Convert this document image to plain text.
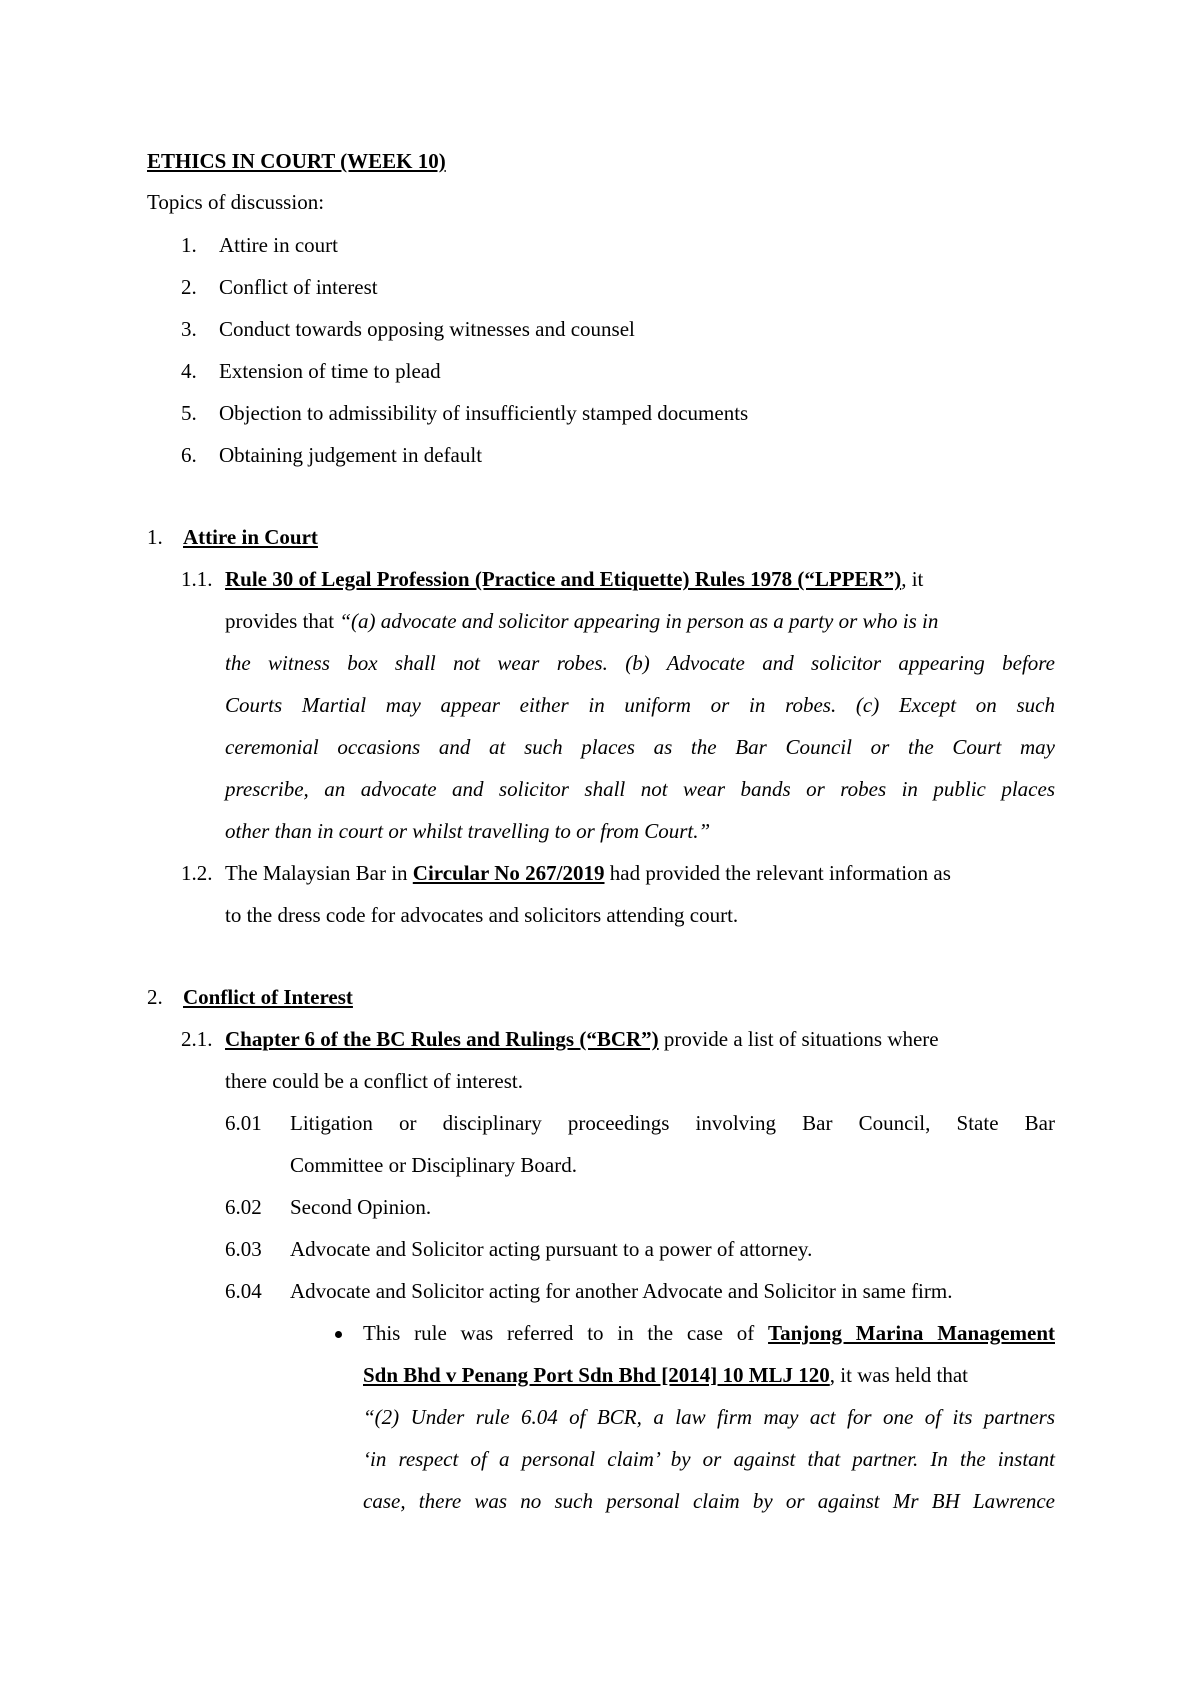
ETHICS IN COURT (WEEK 10)
Topics of discussion:
1. Attire in court
2. Conflict of interest
3. Conduct towards opposing witnesses and counsel
4. Extension of time to plead
5. Objection to admissibility of insufficiently stamped documents
6. Obtaining judgement in default
1. Attire in Court
1.1. Rule 30 of Legal Profession (Practice and Etiquette) Rules 1978 (“LPPER”), it
provides that “(a) advocate and solicitor appearing in person as a party or who is in
the witness box shall not wear robes. (b) Advocate and solicitor appearing before
Courts Martial may appear either in uniform or in robes. (c) Except on such
ceremonial occasions and at such places as the Bar Council or the Court may
prescribe, an advocate and solicitor shall not wear bands or robes in public places
other than in court or whilst travelling to or from Court.”
1.2. The Malaysian Bar in Circular No 267/2019 had provided the relevant information as
to the dress code for advocates and solicitors attending court.
2. Conflict of Interest
2.1. Chapter 6 of the BC Rules and Rulings (“BCR”) provide a list of situations where
there could be a conflict of interest.
6.01 Litigation or disciplinary proceedings involving Bar Council, State Bar
Committee or Disciplinary Board.
6.02 Second Opinion.
6.03 Advocate and Solicitor acting pursuant to a power of attorney.
6.04 Advocate and Solicitor acting for another Advocate and Solicitor in same firm.
This rule was referred to in the case of Tanjong Marina Management
Sdn Bhd v Penang Port Sdn Bhd [2014] 10 MLJ 120, it was held that
“(2) Under rule 6.04 of BCR, a law firm may act for one of its partners
‘in respect of a personal claim’ by or against that partner. In the instant
case, there was no such personal claim by or against Mr BH Lawrence
